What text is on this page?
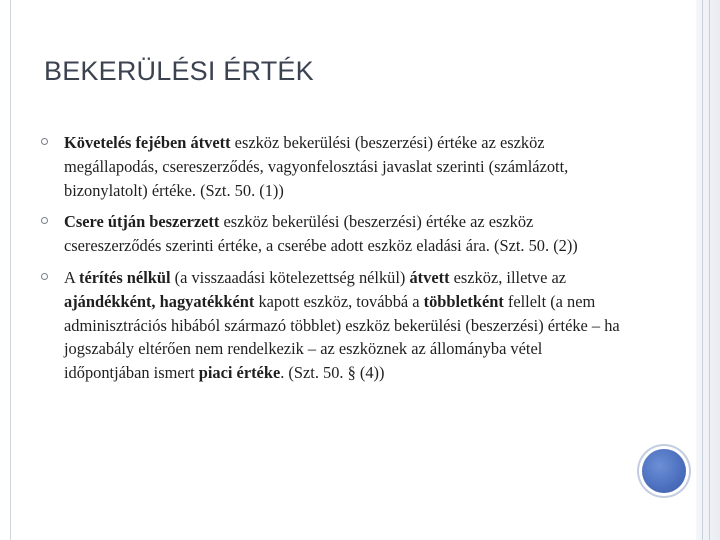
BEKERÜLÉSI ÉRTÉK
Követelés fejében átvett eszköz bekerülési (beszerzési) értéke az eszköz megállapodás, csereszerződés, vagyonfelosztási javaslat szerinti (számlázott, bizonylatolt) értéke. (Szt. 50. (1))
Csere útján beszerzett eszköz bekerülési (beszerzési) értéke az eszköz csereszerződés szerinti értéke, a cserébe adott eszköz eladási ára. (Szt. 50. (2))
A térítés nélkül (a visszaadási kötelezettség nélkül) átvett eszköz, illetve az ajándékként, hagyatékként kapott eszköz, továbbá a többletként fellelt (a nem adminisztrációs hibából származó többlet) eszköz bekerülési (beszerzési) értéke – ha jogszabály eltérően nem rendelkezik – az eszköznek az állományba vétel időpontjában ismert piaci értéke. (Szt. 50. § (4))
